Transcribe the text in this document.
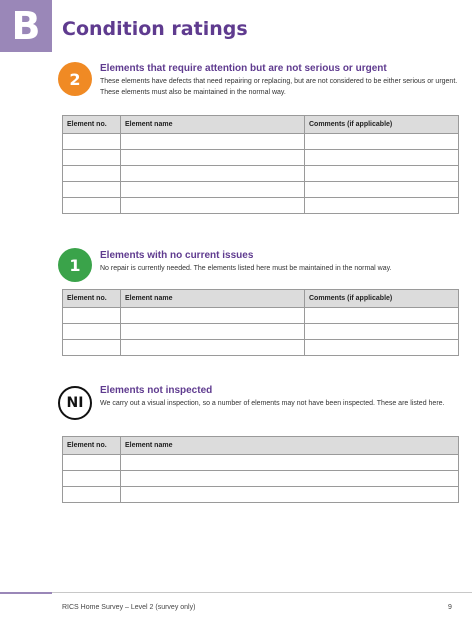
B	Condition ratings
2
Elements that require attention but are not serious or urgent
These elements have defects that need repairing or replacing, but are not considered to be either serious or urgent. These elements must also be maintained in the normal way.
Element no.	Element name	Comments (if applicable)

1	Elements with no current issues
No repair is currently needed. The elements listed here must be maintained in the normal way.
Element no.	Element name	Comments (if applicable)

NI
Elements not inspected
We carry out a visual inspection, so a number of elements may not have been inspected. These are listed here.
Element no.	Element name

RICS Home Survey – Level 2 (survey only)	9
